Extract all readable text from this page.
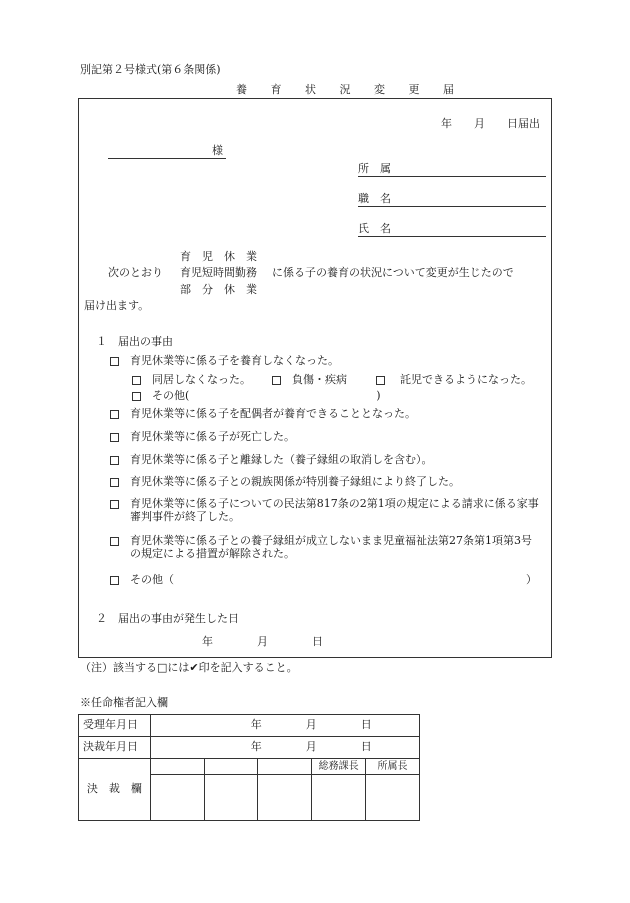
別記第２号様式(第６条関係)
養 育 状 況 変 更 届
年　　月　　日届出
様
所　属
職　名
氏　名
育　児　休　業
次のとおり 育児短時間勤務 に係る子の養育の状況について変更が生じたので
部　分　休　業
届け出ます。
１　届出の事由
育児休業等に係る子を養育しなくなった。
同居しなくなった。	負傷・疾病	託児できるようになった。
その他(　　　　　　　　　　　　　　　　　)
育児休業等に係る子を配偶者が養育できることとなった。
育児休業等に係る子が死亡した。
育児休業等に係る子と離縁した（養子縁組の取消しを含む）。
育児休業等に係る子との親族関係が特別養子縁組により終了した。
育児休業等に係る子についての民法第817条の2第1項の規定による請求に係る家事審判事件が終了した。
育児休業等に係る子との養子縁組が成立しないまま児童福祉法第27条第1項第3号の規定による措置が解除された。
その他（　　　　　　　　　　　　　　　　　　　　　　　　　　　　　　　　）
２　届出の事由が発生した日
年　　　　月　　　　日
（注）該当する□には✔印を記入すること。
※任命権者記入欄
受理年月日	年　　　　月　　　　日				
決裁年月日	年　　　　月　　　　日				
決　裁　欄				総務課長	所属長
